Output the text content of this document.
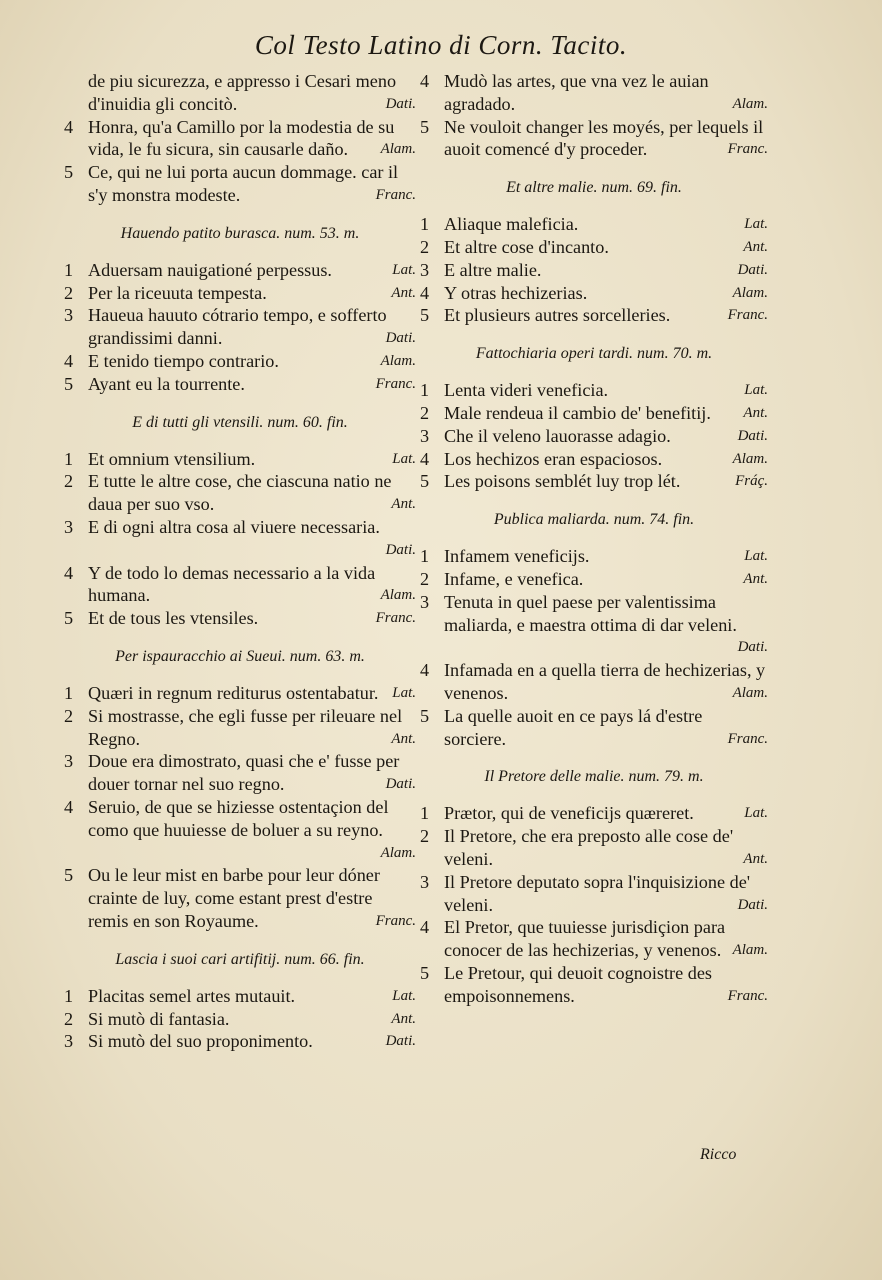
Col Testo Latino di Corn. Tacito.
de piu sicurezza, e appresso i Cesari meno d'inuidia gli concitò.	Dati.
4 Honra, qu'a Camillo por la modestia de su vida, le fu sicura, sin causarle daño.	Alam.
5 Ce, qui ne lui porta aucun dommage. car il s'y monstra modeste.	Franc.
Hauendo patito burasca. num. 53. m.
1 Aduersam nauigationé perpessus.	Lat.
2 Per la riceuuta tempesta.	Ant.
3 Haueua hauuto cótrario tempo, e sofferto grandissimi danni.	Dati.
4 E tenido tiempo contrario.	Alam.
5 Ayant eu la tourrente.	Franc.
E di tutti gli vtensili. num. 60. fin.
1 Et omnium vtensilium.	Lat.
2 E tutte le altre cose, che ciascuna natio ne daua per suo vso.	Ant.
3 E di ogni altra cosa al viuere necessaria.
Dati.
4 Y de todo lo demas necessario a la vida humana.	Alam.
5 Et de tous les vtensiles.	Franc.
Per ispauracchio ai Sueui. num. 63. m.
1 Quæri in regnum rediturus ostentabatur. Lat.
2 Si mostrasse, che egli fusse per rileuare nel Regno.	Ant.
3 Doue era dimostrato, quasi che e' fusse per douer tornar nel suo regno.	Dati.
4 Seruio, de que se hiziesse ostentaçion del como que huuiesse de boluer a su reyno.
Alam.
5 Ou le leur mist en barbe pour leur dóner crainte de luy, come estant prest d'estre remis en son Royaume.	Franc.
Lascia i suoi cari artifitij. num. 66. fin.
1 Placitas semel artes mutauit.	Lat.
2 Si mutò di fantasia.	Ant.
3 Si mutò del suo proponimento.	Dati.
4 Mudò las artes, que vna vez le auian agradado.	Alam.
5 Ne vouloit changer les moyés, per lequels il auoit comencé d'y proceder.	Franc.
Et altre malie. num. 69. fin.
1 Aliaque maleficia.	Lat.
2 Et altre cose d'incanto.	Ant.
3 E altre malie.	Dati.
4 Y otras hechizerias.	Alam.
5 Et plusieurs autres sorcelleries.	Franc.
Fattochiaria operi tardi. num. 70. m.
1 Lenta videri veneficia.	Lat.
2 Male rendeua il cambio de' benefitij.	Ant.
3 Che il veleno lauorasse adagio.	Dati.
4 Los hechizos eran espaciosos.	Alam.
5 Les poisons semblét luy trop lét.	Fráç.
Publica maliarda. num. 74. fin.
1 Infamem veneficijs.	Lat.
2 Infame, e venefica.	Ant.
3 Tenuta in quel paese per valentissima maliarda, e maestra ottima di dar veleni.
Dati.
4 Infamada en a quella tierra de hechizerias, y venenos.	Alam.
5 La quelle auoit en ce pays lá d'estre sorciere.	Franc.
Il Pretore delle malie. num. 79. m.
1 Prætor, qui de veneficijs quæreret.	Lat.
2 Il Pretore, che era preposto alle cose de' veleni.	Ant.
3 Il Pretore deputato sopra l'inquisizione de' veleni.	Dati.
4 El Pretor, que tuuiesse jurisdiçion para conocer de las hechizerias, y venenos. Alam.
5 Le Pretour, qui deuoit cognoistre des empoisonnemens.	Franc.
Ricco
